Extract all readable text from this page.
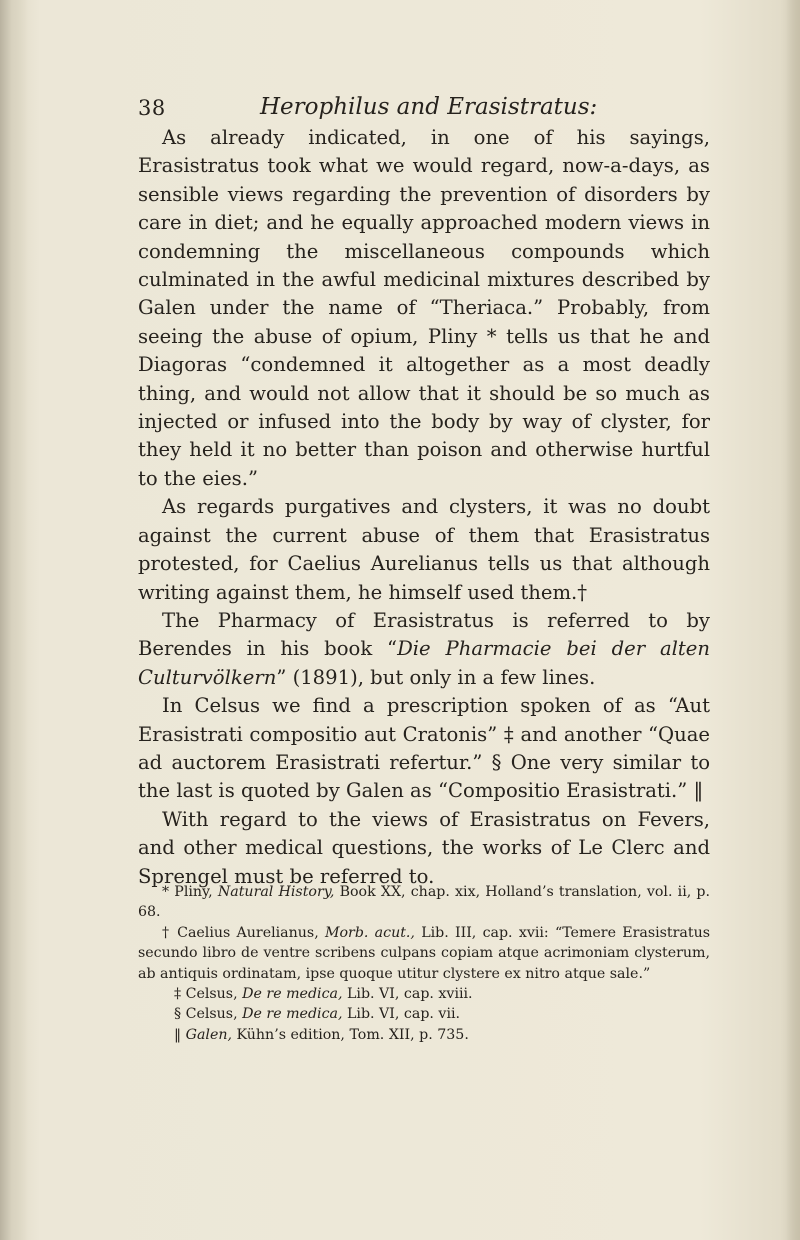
38	Herophilus and Erasistratus:

As already indicated, in one of his sayings, Erasistratus took what we would regard, now-a-days, as sensible views regarding the prevention of disorders by care in diet; and he equally approached modern views in condemning the miscellaneous compounds which culminated in the awful medicinal mixtures described by Galen under the name of “Theriaca.” Probably, from seeing the abuse of opium, Pliny * tells us that he and Diagoras “condemned it altogether as a most deadly thing, and would not allow that it should be so much as injected or infused into the body by way of clyster, for they held it no better than poison and otherwise hurtful to the eies.”

As regards purgatives and clysters, it was no doubt against the current abuse of them that Erasistratus protested, for Caelius Aurelianus tells us that although writing against them, he himself used them.†

The Pharmacy of Erasistratus is referred to by Berendes in his book “Die Pharmacie bei der alten Culturvölkern” (1891), but only in a few lines.

In Celsus we find a prescription spoken of as “Aut Erasistrati compositio aut Cratonis” ‡ and another “Quae ad auctorem Erasistrati refertur.” § One very similar to the last is quoted by Galen as “Compositio Erasistrati.” ‖

With regard to the views of Erasistratus on Fevers, and other medical questions, the works of Le Clerc and Sprengel must be referred to.

* Pliny, Natural History, Book XX, chap. xix, Holland’s translation, vol. ii, p. 68.

† Caelius Aurelianus, Morb. acut., Lib. III, cap. xvii: “Temere Erasistratus secundo libro de ventre scribens culpans copiam atque acrimoniam clysterum, ab antiquis ordinatam, ipse quoque utitur clystere ex nitro atque sale.”

‡ Celsus, De re medica, Lib. VI, cap. xviii.

§ Celsus, De re medica, Lib. VI, cap. vii.

‖ Galen, Kühn’s edition, Tom. XII, p. 735.
